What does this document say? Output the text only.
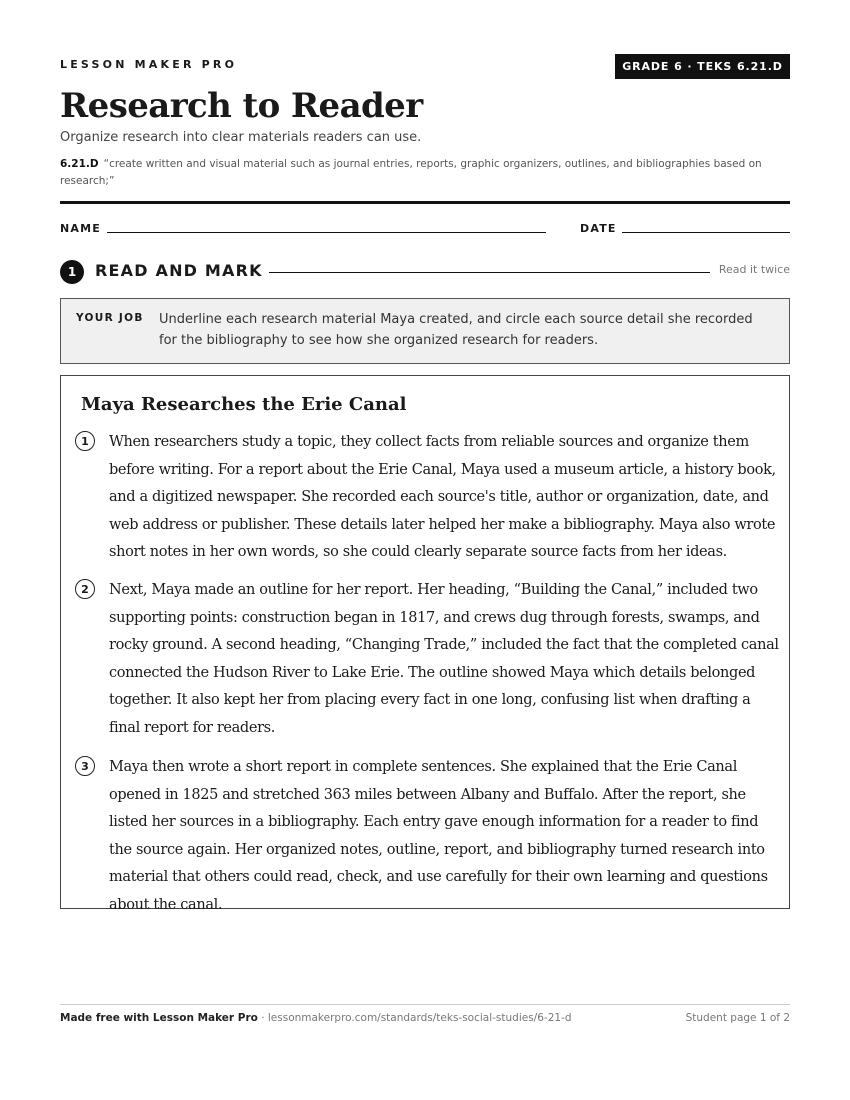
LESSON MAKER PRO	GRADE 6 · TEKS 6.21.D
Research to Reader
Organize research into clear materials readers can use.
6.21.D “create written and visual material such as journal entries, reports, graphic organizers, outlines, and bibliographies based on research;”
NAME	DATE
1	READ AND MARK	Read it twice
YOUR JOB Underline each research material Maya created, and circle each source detail she recorded for the bibliography to see how she organized research for readers.
Maya Researches the Erie Canal
1	When researchers study a topic, they collect facts from reliable sources and organize them before writing. For a report about the Erie Canal, Maya used a museum article, a history book, and a digitized newspaper. She recorded each source's title, author or organization, date, and web address or publisher. These details later helped her make a bibliography. Maya also wrote short notes in her own words, so she could clearly separate source facts from her ideas.
2	Next, Maya made an outline for her report. Her heading, “Building the Canal,” included two supporting points: construction began in 1817, and crews dug through forests, swamps, and rocky ground. A second heading, “Changing Trade,” included the fact that the completed canal connected the Hudson River to Lake Erie. The outline showed Maya which details belonged together. It also kept her from placing every fact in one long, confusing list when drafting a final report for readers.
3	Maya then wrote a short report in complete sentences. She explained that the Erie Canal opened in 1825 and stretched 363 miles between Albany and Buffalo. After the report, she listed her sources in a bibliography. Each entry gave enough information for a reader to find the source again. Her organized notes, outline, report, and bibliography turned research into material that others could read, check, and use carefully for their own learning and questions about the canal.
Made free with Lesson Maker Pro · lessonmakerpro.com/standards/teks-social-studies/6-21-d	Student page 1 of 2
